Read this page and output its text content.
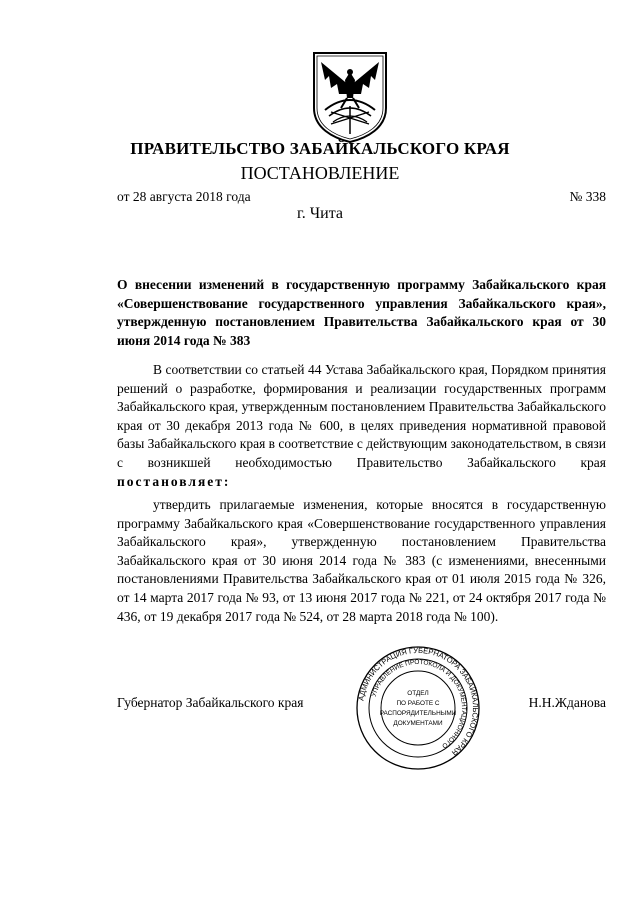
ПРАВИТЕЛЬСТВО ЗАБАЙКАЛЬСКОГО КРАЯ
ПОСТАНОВЛЕНИЕ
от 28 августа 2018 года	№ 338
г. Чита
О внесении изменений в государственную программу Забайкальского края «Совершенствование государственного управления Забайкальского края», утвержденную постановлением Правительства Забайкальского края от 30 июня 2014 года № 383
В соответствии со статьей 44 Устава Забайкальского края, Порядком принятия решений о разработке, формирования и реализации государственных программ Забайкальского края, утвержденным постановлением Правительства Забайкальского края от 30 декабря 2013 года № 600, в целях приведения нормативной правовой базы Забайкальского края в соответствие с действующим законодательством, в связи с возникшей необходимостью Правительство Забайкальского края постановляет:
утвердить прилагаемые изменения, которые вносятся в государственную программу Забайкальского края «Совершенствование государственного управления Забайкальского края», утвержденную постановлением Правительства Забайкальского края от 30 июня 2014 года № 383 (с изменениями, внесенными постановлениями Правительства Забайкальского края от 01 июля 2015 года № 326, от 14 марта 2017 года № 93, от 13 июня 2017 года № 221, от 24 октября 2017 года № 436, от 19 декабря 2017 года № 524, от 28 марта 2018 года № 100).
Губернатор Забайкальского края	Н.Н.Жданова
АДМИНИСТРАЦИЯ ГУБЕРНАТОРА ЗАБАЙКАЛЬСКОГО КРАЯ
УПРАВЛЕНИЕ ПРОТОКОЛА И ДОКУМЕНТАЦИОННОГО
ОТДЕЛ
ПО РАБОТЕ С
РАСПОРЯДИТЕЛЬНЫМИ
ДОКУМЕНТАМИ
